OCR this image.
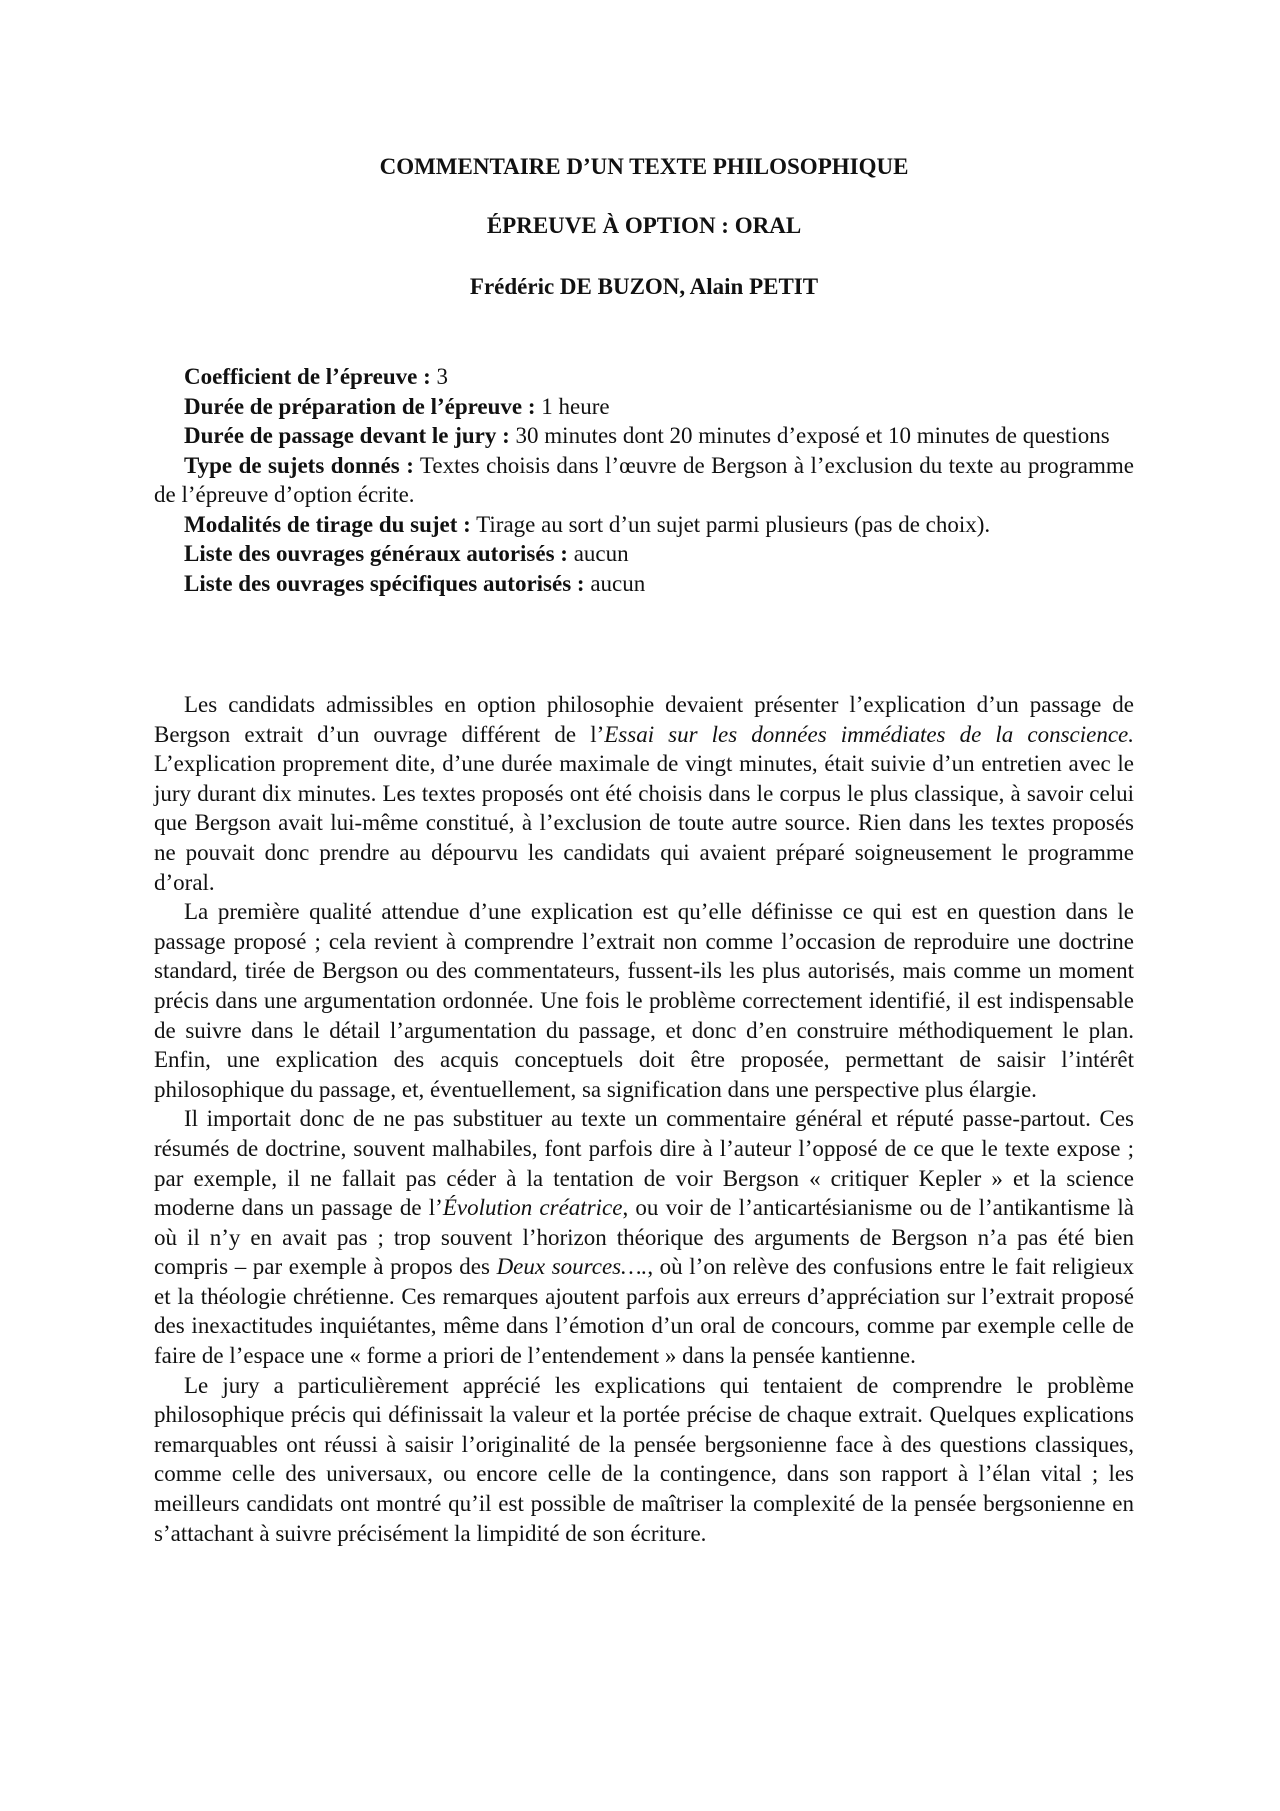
COMMENTAIRE D’UN TEXTE PHILOSOPHIQUE
ÉPREUVE À OPTION : ORAL
Frédéric DE BUZON, Alain PETIT

Coefficient de l’épreuve : 3

Durée de préparation de l’épreuve : 1 heure

Durée de passage devant le jury : 30 minutes dont 20 minutes d’exposé et 10 minutes de questions

Type de sujets donnés : Textes choisis dans l’œuvre de Bergson à l’exclusion du texte au programme de l’épreuve d’option écrite.

Modalités de tirage du sujet : Tirage au sort d’un sujet parmi plusieurs (pas de choix).

Liste des ouvrages généraux autorisés : aucun

Liste des ouvrages spécifiques autorisés : aucun

Les candidats admissibles en option philosophie devaient présenter l’explication d’un passage de Bergson extrait d’un ouvrage différent de l’Essai sur les données immédiates de la conscience. L’explication proprement dite, d’une durée maximale de vingt minutes, était suivie d’un entretien avec le jury durant dix minutes. Les textes proposés ont été choisis dans le corpus le plus classique, à savoir celui que Bergson avait lui-même constitué, à l’exclusion de toute autre source. Rien dans les textes proposés ne pouvait donc prendre au dépourvu les candidats qui avaient préparé soigneusement le programme d’oral.

La première qualité attendue d’une explication est qu’elle définisse ce qui est en question dans le passage proposé ; cela revient à comprendre l’extrait non comme l’occasion de reproduire une doctrine standard, tirée de Bergson ou des commentateurs, fussent-ils les plus autorisés, mais comme un moment précis dans une argumentation ordonnée. Une fois le problème correctement identifié, il est indispensable de suivre dans le détail l’argumentation du passage, et donc d’en construire méthodiquement le plan. Enfin, une explication des acquis conceptuels doit être proposée, permettant de saisir l’intérêt philosophique du passage, et, éventuellement, sa signification dans une perspective plus élargie.

Il importait donc de ne pas substituer au texte un commentaire général et réputé passe-partout. Ces résumés de doctrine, souvent malhabiles, font parfois dire à l’auteur l’opposé de ce que le texte expose ; par exemple, il ne fallait pas céder à la tentation de voir Bergson « critiquer Kepler » et la science moderne dans un passage de l’Évolution créatrice, ou voir de l’anticartésianisme ou de l’antikantisme là où il n’y en avait pas ; trop souvent l’horizon théorique des arguments de Bergson n’a pas été bien compris – par exemple à propos des Deux sources…., où l’on relève des confusions entre le fait religieux et la théologie chrétienne. Ces remarques ajoutent parfois aux erreurs d’appréciation sur l’extrait proposé des inexactitudes inquiétantes, même dans l’émotion d’un oral de concours, comme par exemple celle de faire de l’espace une « forme a priori de l’entendement » dans la pensée kantienne.

Le jury a particulièrement apprécié les explications qui tentaient de comprendre le problème philosophique précis qui définissait la valeur et la portée précise de chaque extrait. Quelques explications remarquables ont réussi à saisir l’originalité de la pensée bergsonienne face à des questions classiques, comme celle des universaux, ou encore celle de la contingence, dans son rapport à l’élan vital ; les meilleurs candidats ont montré qu’il est possible de maîtriser la complexité de la pensée bergsonienne en s’attachant à suivre précisément la limpidité de son écriture.
